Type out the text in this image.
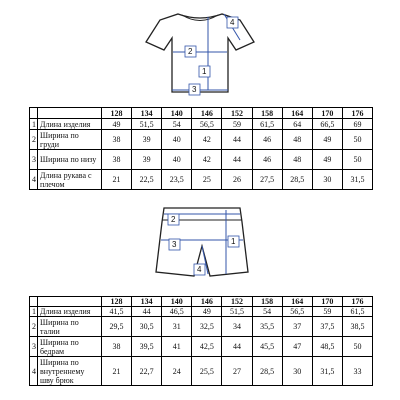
1
2
3
4
		128	134	140	146	152	158	164	170	176
1	Длина изделия	49	51,5	54	56,5	59	61,5	64	66,5	69
2	Ширина по груди	38	39	40	42	44	46	48	49	50
3	Ширина по низу	38	39	40	42	44	46	48	49	50
4	Длина рукава с плечом	21	22,5	23,5	25	26	27,5	28,5	30	31,5
1
2
3
4
		128	134	140	146	152	158	164	170	176
1	Длина изделия	41,5	44	46,5	49	51,5	54	56,5	59	61,5
2	Ширина по талии	29,5	30,5	31	32,5	34	35,5	37	37,5	38,5
3	Ширина по бедрам	38	39,5	41	42,5	44	45,5	47	48,5	50
4	Ширина по внутреннему шву брюк	21	22,7	24	25,5	27	28,5	30	31,5	33
